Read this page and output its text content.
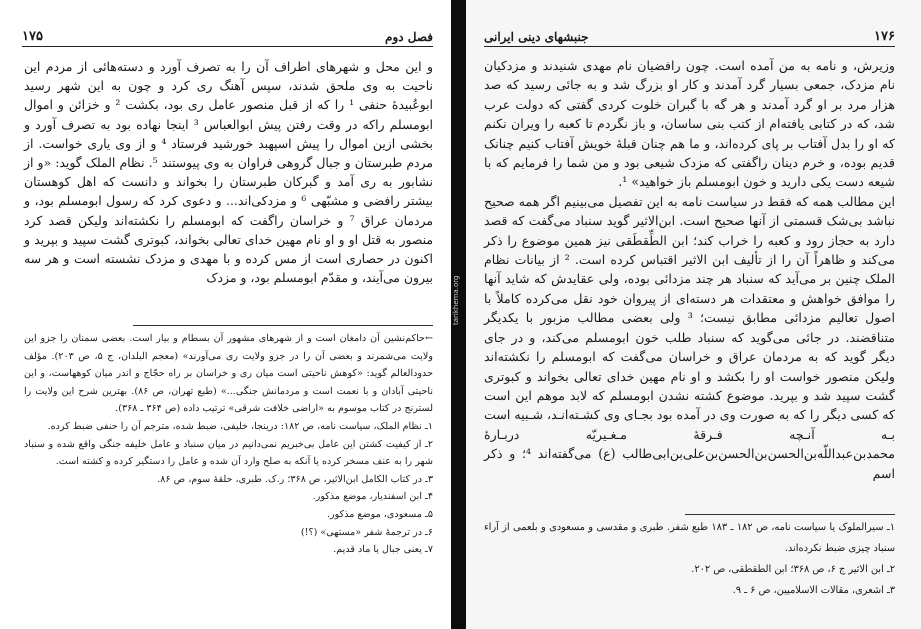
فصل دوم
۱۷۵

و این محل و شهرهای اطراف آن را به تصرف آورد و دسته‌هائی از مردم این ناحیت به وی ملحق شدند، سپس آهنگ ری کرد و چون به این شهر رسید ابوعُبیدهٔ حنفی ¹ را که از قبل منصور عامل ری بود، بکشت ² و خزائن و اموال ابومسلم راکه در وقت رفتن پیش ابوالعباس ³ اینجا نهاده بود به تصرف آورد و بخشی ازین اموال را پیش اسپهبد خورشید فرستاد ⁴ و از وی یاری خواست. از مردم طبرستان و جبال گروهی فراوان به وی پیوستند ⁵. نظام الملک گوید: «و از نشابور به ری آمد و گبرکان طبرستان را بخواند و دانست که اهل کوهستان بیشتر رافضی و مشبّهی ⁶ و مزدکی‌اند... و دعوی کرد که رسول ابومسلم بود، و مردمان عراق ⁷ و خراسان راگفت که ابومسلم را نکشته‌اند ولیکن قصد کرد منصور به قتل او و او نام مهین خدای تعالی بخواند، کبوتری گشت سپید و بپرید و اکنون در حصاری است از مس کرده و با مهدی و مزدک نشسته است و هر سه بیرون می‌آیند، و مقدّم ابومسلم بود، و مزدک

←حاکم‌نشین آن دامغان است و از شهرهای مشهور آن بسطام و بیار است. بعضی سمنان را جزو این ولایت می‌شمرند و بعضی آن را در جزو ولایت ری می‌آورند» (معجم البلدان، ج ۵، ص ۲۰۳). مؤلف حدودالعالم گوید: «کوهش ناحیتی است میان ری و خراسان بر راه حجّاج و اندر میان کوهها‌ست، و این ناحیتی آبادان و با نعمت است و مردمانش جنگی...» (طبع تهران، ص ۸۶). بهترین شرح این ولایت را لسترنج در کتاب موسوم به «اراضی خلافت شرقی» ترتیب داده (ص ۳۶۴ ـ ۳۶۸).

۱ـ نظام الملک، سیاست نامه، ص ۱۸۲: درینجا، خلیفی، ضبط شده، مترجم آن را حنفی ضبط کرده.

۲ـ از کیفیت کشتن این عامل بی‌خبریم ‌نمی‌دانیم در میان سنباد و عامل خلیفه جنگی واقع شده و سنباد شهر را به عنف مسخر کرده یا آنکه به صلح وارد آن شده و عامل را دستگیر کرده و کشته است.

۳ـ در کتاب الکامل ابن‌الاثیر، ص ۳۶۸؛ ر.ک. طبری، حلقهٔ سوم، ص ۸۶.

۴ـ ابن اسفندیار، موضع مذکور.

۵ـ مسعودی، موضع مذکور.

۶ـ در ترجمهٔ شفر «مستهی» (؟!)

۷ـ یعنی جبال یا ماد قدیم.

tarikhema.org
۱۷۶
جنبشهای دینی ایرانی

وزیرش، و نامه به من آمده است. چون رافضیان نام مهدی شنیدند و مزدکیان نام مزدک، جمعی بسیار گرد آمدند و کار او بزرگ شد و به جائی رسید که صد هزار مرد بر او گرد آمدند و هر گه با گبران خلوت کردی گفتی که دولت عرب شد، که در کتابی یافته‌ام از کتب بنی ساسان، و باز نگردم تا کعبه را ویران نکنم که او را بدل آفتاب بر پای کرده‌اند، و ما هم چنان قبلهٔ خویش آفتاب کنیم چنانک قدیم بوده، و خرم دینان راگفتی که مزدک شیعی بود و من شما را فرمایم که با شیعه دست یکی دارید و خون ابومسلم باز خواهید» ¹.

این مطالب همه که فقط در سیاست نامه به این تفصیل می‌بینیم اگر همه صحیح نباشد بی‌شک قسمتی از آنها صحیح است. ابن‌الاثیر گوید سنباد می‌گفت که قصد دارد به حجاز رود و کعبه را خراب کند؛ ابن الطِّقطَقی نیز همین موضوع را ذکر می‌کند و ظاهراً آن را از تألیف ابن الاثیر اقتباس کرده است. ² از بیانات نظام الملک چنین بر می‌آید که سنباد هر چند مزدائی بوده، ولی عقایدش که شاید آنها را موافق خواهش و معتقدات هر دسته‌ای از پیروان خود نقل می‌کرده کاملاً با اصول تعالیم مزدائی مطابق نیست؛ ³ ولی بعضی مطالب مزبور با یکدیگر متناقضند. در جائی می‌گوید که سنباد طلب خون ابومسلم می‌کند، و در جای دیگر گوید که به مردمان عراق و خراسان می‌گفت که ابومسلم را نکشته‌اند ولیکن منصور خواست او را بکشد و او نام مهین خدای تعالی بخواند و کبوتری گشت سپید شد و بپرید. موضوع کشته نشدن ابومسلم که لابد موهم این است که کسی دیگر را که به صورت وی در آمده بود بجـای وی کشـته‌انـد، شـبیه است بـه آنـچه فـرقهٔ مـغـیریّه دربـارهٔ محمدبن‌عبداللّه‌بن‌الحسن‌بن‌الحسن‌بن‌علی‌بن‌ابی‌طالب (ع) می‌گفته‌اند ⁴؛ و ذکر اسم

۱ـ سیرالملوک یا سیاست نامه، ص ۱۸۲ ـ ۱۸۳ طبع شفر. طبری و مقدسی و مسعودی و بلعمی از آراء سنباد چیزی ضبط نکرده‌اند.

۲ـ ابن الاثیر ج ۶، ص ۳۶۸؛ ابن الطقطقی، ص ۲۰۲.

۳ـ اشعری، مقالات الاسلامیین، ص ۶ ـ ۹.
